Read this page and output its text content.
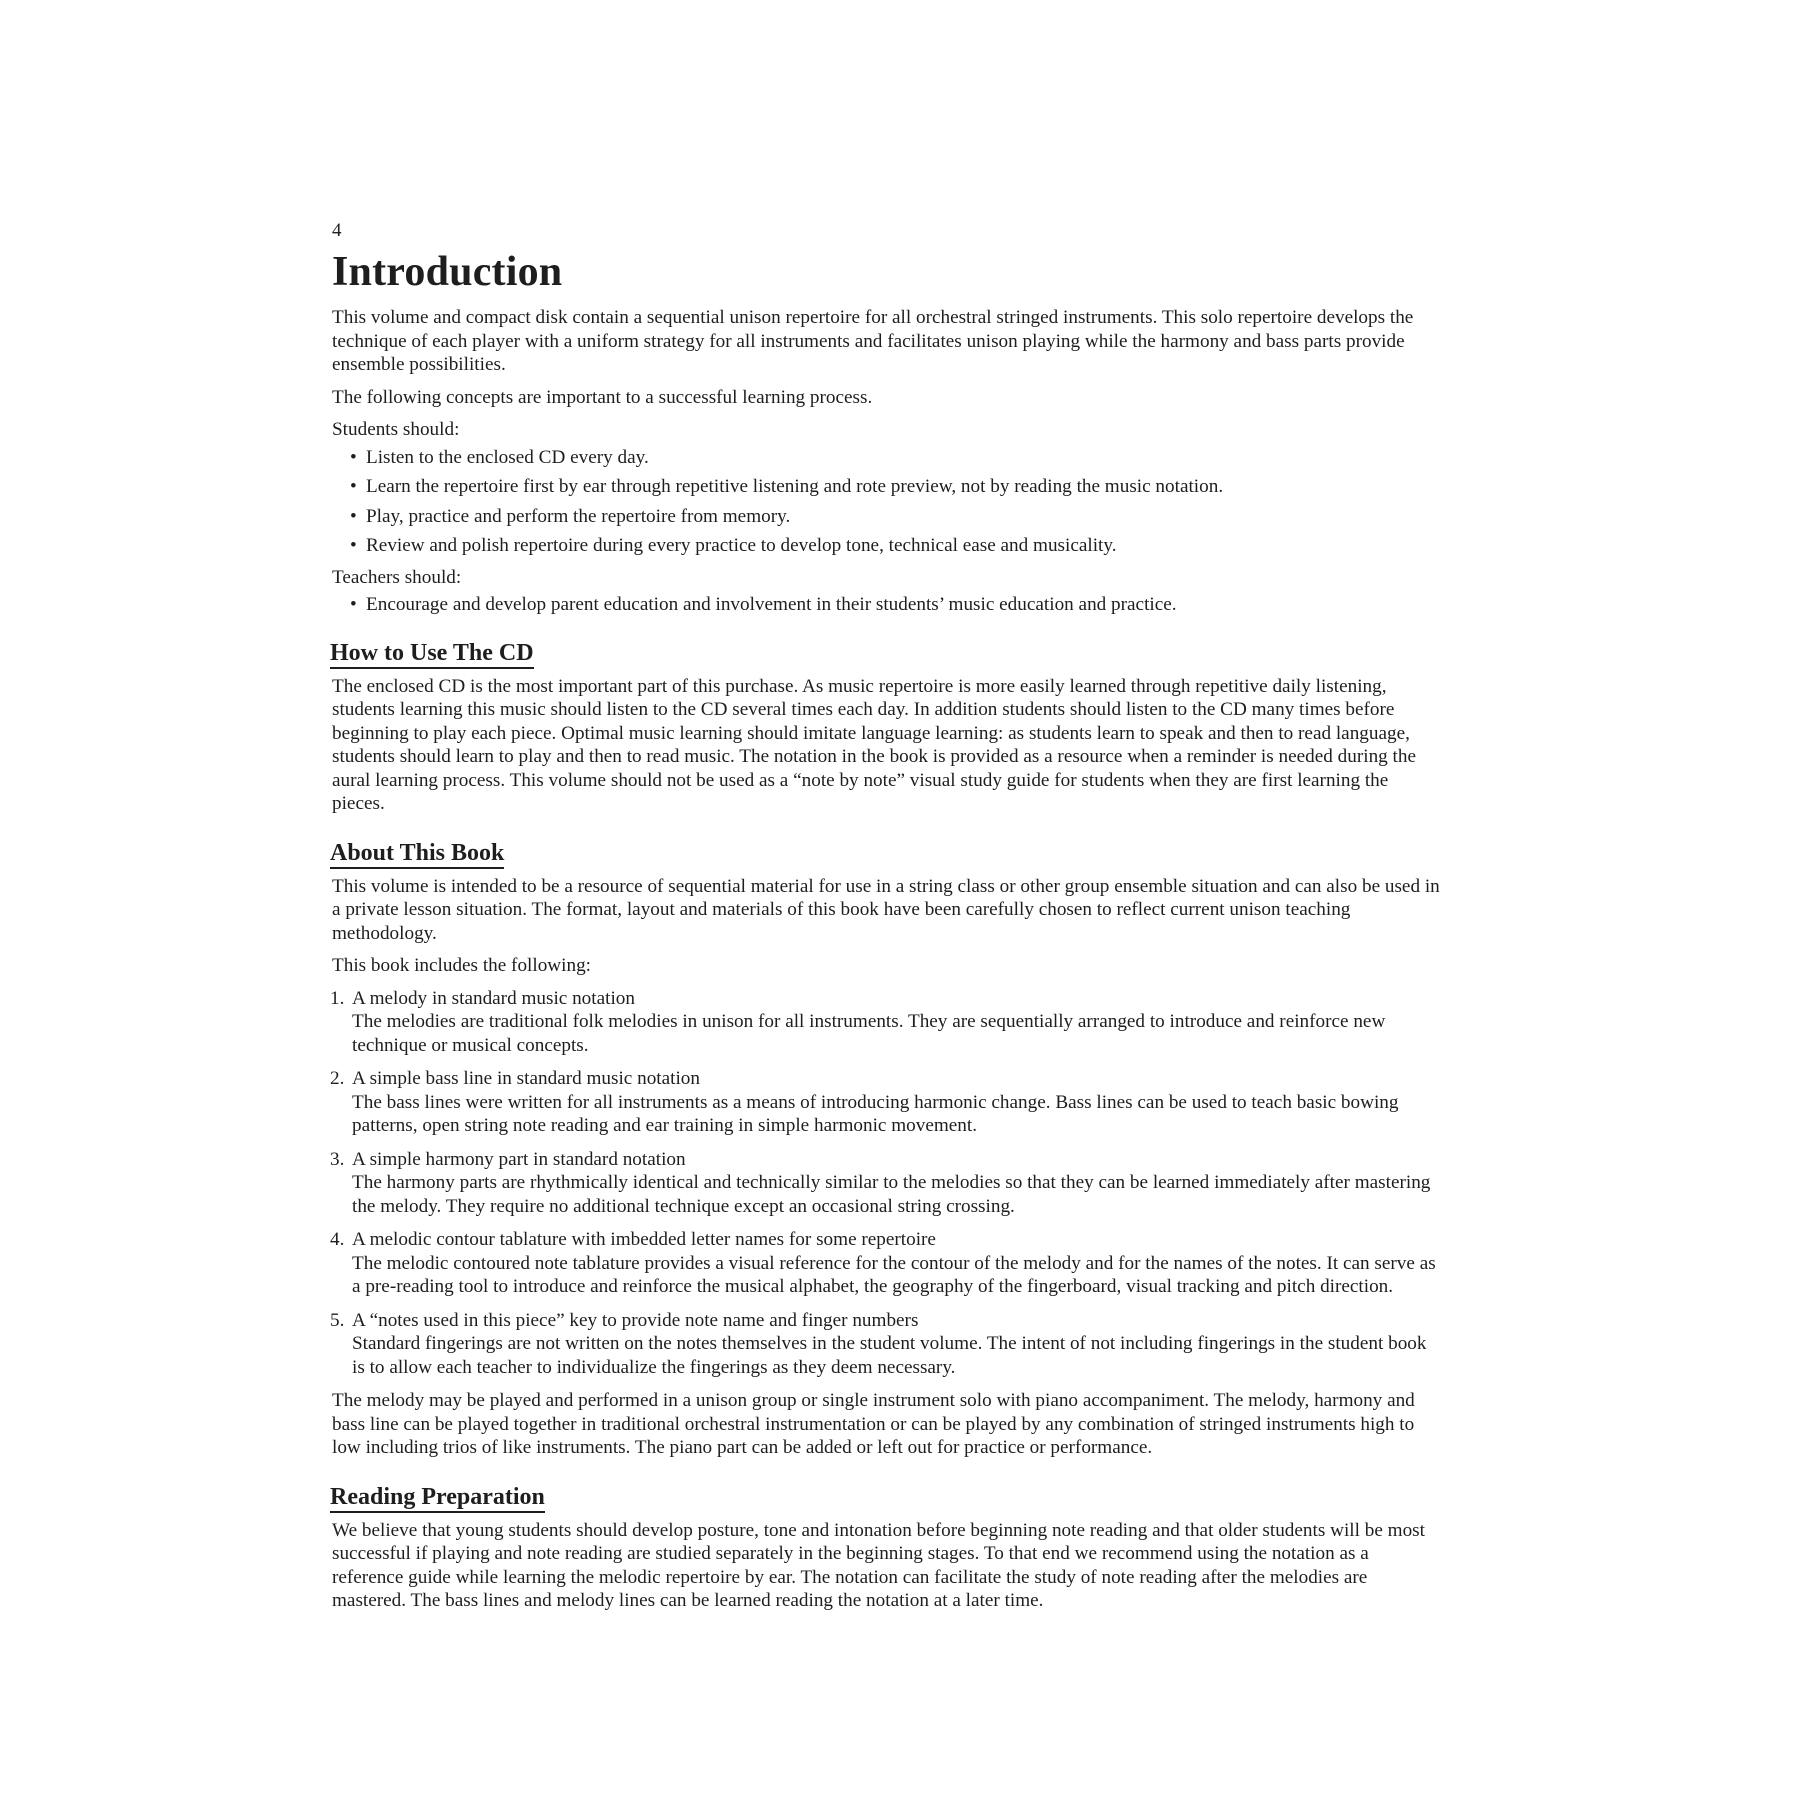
4
Introduction

This volume and compact disk contain a sequential unison repertoire for all orchestral stringed instruments. This solo repertoire develops the technique of each player with a uniform strategy for all instruments and facilitates unison playing while the harmony and bass parts provide ensemble possibilities.

The following concepts are important to a successful learning process.

Students should:

• Listen to the enclosed CD every day.
• Learn the repertoire first by ear through repetitive listening and rote preview, not by reading the music notation.
• Play, practice and perform the repertoire from memory.
• Review and polish repertoire during every practice to develop tone, technical ease and musicality.

Teachers should:

• Encourage and develop parent education and involvement in their students’ music education and practice.
How to Use The CD

The enclosed CD is the most important part of this purchase. As music repertoire is more easily learned through repetitive daily listening, students learning this music should listen to the CD several times each day. In addition students should listen to the CD many times before beginning to play each piece. Optimal music learning should imitate language learning: as students learn to speak and then to read language, students should learn to play and then to read music. The notation in the book is provided as a resource when a reminder is needed during the aural learning process. This volume should not be used as a “note by note” visual study guide for students when they are first learning the pieces.

About This Book

This volume is intended to be a resource of sequential material for use in a string class or other group ensemble situation and can also be used in a private lesson situation. The format, layout and materials of this book have been carefully chosen to reflect current unison teaching methodology.

This book includes the following:

1. A melody in standard music notation
The melodies are traditional folk melodies in unison for all instruments. They are sequentially arranged to introduce and reinforce new technique or musical concepts.
2. A simple bass line in standard music notation
The bass lines were written for all instruments as a means of introducing harmonic change. Bass lines can be used to teach basic bowing patterns, open string note reading and ear training in simple harmonic movement.
3. A simple harmony part in standard notation
The harmony parts are rhythmically identical and technically similar to the melodies so that they can be learned immediately after mastering the melody. They require no additional technique except an occasional string crossing.
4. A melodic contour tablature with imbedded letter names for some repertoire
The melodic contoured note tablature provides a visual reference for the contour of the melody and for the names of the notes. It can serve as a pre-reading tool to introduce and reinforce the musical alphabet, the geography of the fingerboard, visual tracking and pitch direction.
5. A “notes used in this piece” key to provide note name and finger numbers
Standard fingerings are not written on the notes themselves in the student volume. The intent of not including fingerings in the student book is to allow each teacher to individualize the fingerings as they deem necessary.

The melody may be played and performed in a unison group or single instrument solo with piano accompaniment. The melody, harmony and bass line can be played together in traditional orchestral instrumentation or can be played by any combination of stringed instruments high to low including trios of like instruments. The piano part can be added or left out for practice or performance.

Reading Preparation

We believe that young students should develop posture, tone and intonation before beginning note reading and that older students will be most successful if playing and note reading are studied separately in the beginning stages. To that end we recommend using the notation as a reference guide while learning the melodic repertoire by ear. The notation can facilitate the study of note reading after the melodies are mastered. The bass lines and melody lines can be learned reading the notation at a later time.
